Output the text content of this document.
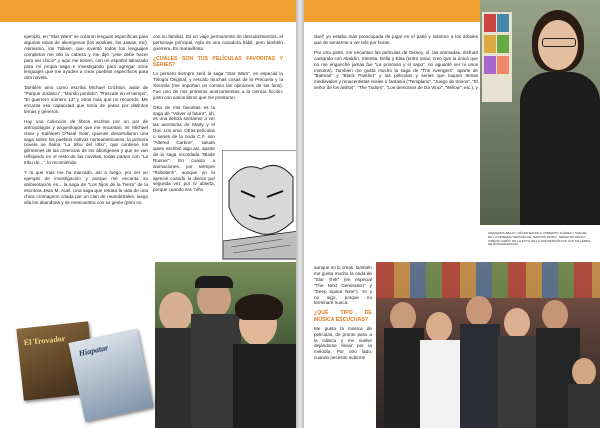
ejemplo, en “Star Wars” se crearon lenguas específicas para algunas razas de alienígenas (los wookies, los Jawas, etc). Asimismo, los Tolkien, que inventó todos los lenguajes completos me olió la cabeza y me dije “¡ese debe hacer para ser chico!” y aquí me tienen, con un español latinizado para mí propia saga e investigando para agregar otros lenguajes que me ayuden a crear pueblos específicos para otra novela.

También amo como escriba Michael Crichton, autor de “Parque Jurásico”, “Mundo perdido”, “Rescate en el tiempo”, “El guerrero número 13” y otros más que no recuerdo. Me encanta esa capacidad que tenía de pasar por distintos temas y géneros.

Hay una colección de libros escritos por un par de antropólogos y arqueólogos que me encantan, W. Michael Gear y Kathleen O'Neal Gear, quienes desarrollaron una saga sobre los pueblos nativos norteamericanos, la primera novela se llama “La tribu del lobo”, que contiene los gérmenes de las creencias de los aborígenes y que se van reflejando en el resto de las novelas, todas parten con “La tribu de...”, la recomiendo.

Y la que más me ha marcado, así a fuego, por ser un ejemplo de investigación y porque me encanta su ambientación es... la saga de “Los hijos de la Tierra” de la escritora Jean M. Auel. Una saga que retrata la vida de una chica cromagnon criada por un clan de neandertales, luego ella los abandona y se reencuentra con su gente (pero no

con su familia). Es un viaje permanente de descubrimientos, el personaje principal, Ayla es una cazadora hábil, pero también guerrera. Es maravillosa.

¿CUÁLES SON TUS PELÍCULAS FAVORITAS Y SERIES?

Lo primero siempre será la saga “Star Wars”, en especial la Trilogía Original, y rescato muchas cosas de la Precuela y la Secuela (me importan un comino las opiniones de los fans). Fue uno de mis primeros acercamientos a la ciencia ficción, junto con varios libros que me prestaron.

Otra de mis favoritas es la saga de “Volver al futuro”, ah, es una delicia sentarme a ver las aventuras de Marty y el Doc. Los amo. Otras películas o series de la onda C.F. son “Altered Carbon”, saludo quien escribió algo así, aparte de la saga recordada “Blade Runner”. En cuanto a animaciones, por siempre “Robotech”, aunque yo la aprecié cuando la dieron por segunda vez por tv abierta, porque cuando era “niño

El Trovador
Hiapatar

duel” yo estaba más preocupada de jugar en el patio y subirme a los árboles que de sentarme a ver tele por horas.

Por otra parte, me encantan las películas de Disney, sí, las animadas, disfruté cantando con Aladdín, Sirenita, Bella y Elsa (entre otras, creo que la única que no me enganché jamás fue “La princesa y el sapo”, no aguanté ver ni unos minutos). También me gusta mucho la saga de “The Avengers”, aparte de “Batman” y “Black Panther” y las películas y series que toquen temas medievales y renacentistas reales o fantasía (“Templario”, “Juego de tronos”, “El señor de los anillos”, “The Tudors”, “Los demonios de Da Vinci”, “Willow”, etc.), y

IZQUIERDA ABAJO: CÉSAR MANOLA, ROBERTO JUÁREZ Y MIGUEL EN LA PRIMERA VERSIÓN DE “SANTOS MODA”. DERECHA ABAJO: XIMENA GARÍN, EN LA FOTO DE LA CONVENCIÓN DE LOS TALLERES DE ROCAMADONNA.

aunque no lo creas, también me gusta mucho la onda de “Star Trek” (en especial “The Next Generation” y “Deep Space Nine”). Yo y no sigo, porque no terminaré nunca.

¿QUÉ TIPO DE MÚSICA ESCUCHAS?

Me gusta la música de películas, de pronto paso a la clásica y me vuelve dejándome llevar por la melodía. Por otro lado, cuando necesito subirme
